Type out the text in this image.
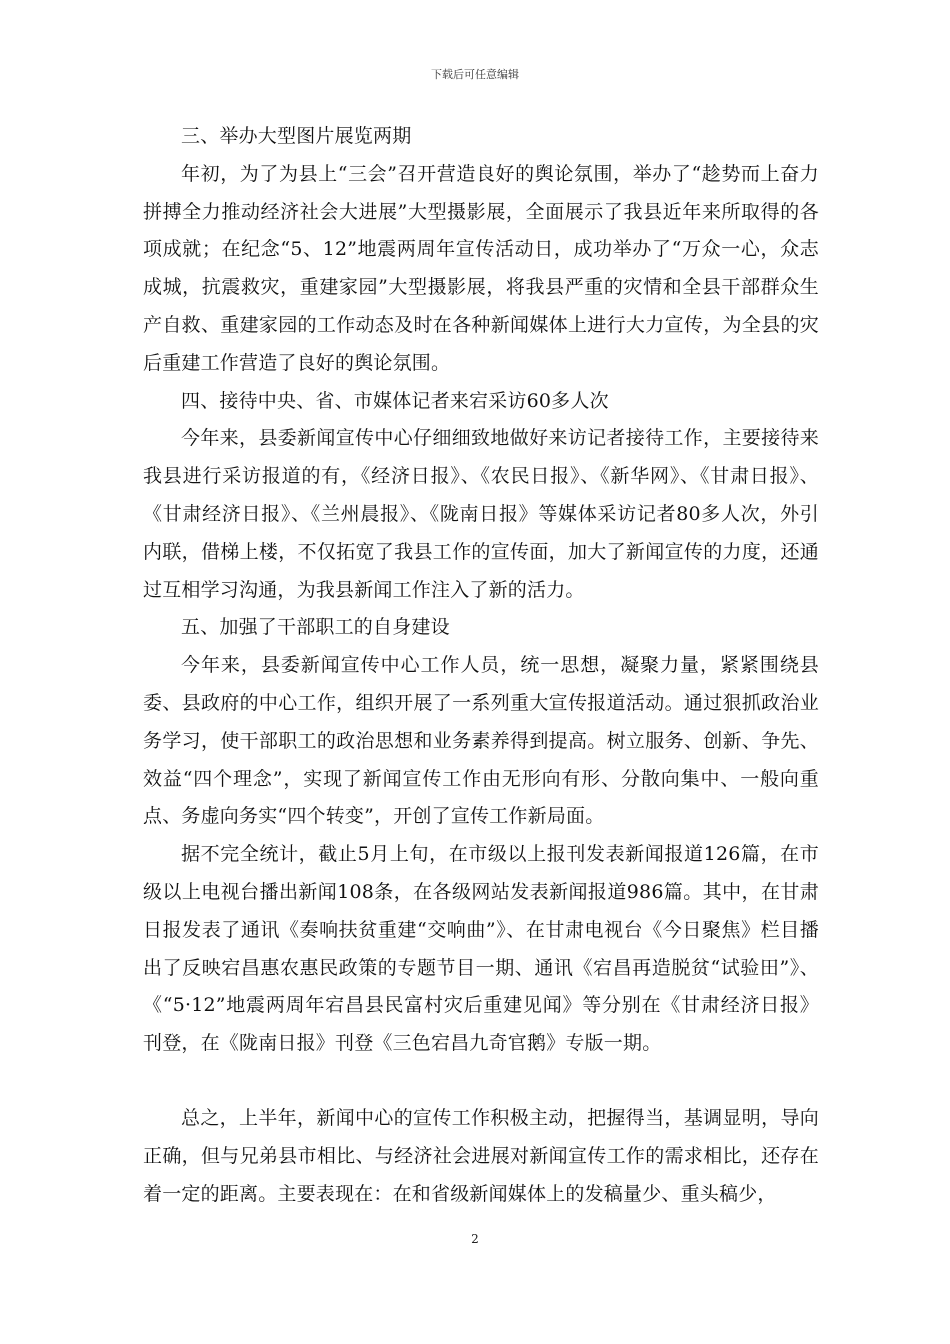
下载后可任意编辑

三、举办大型图片展览两期

年初，为了为县上“三会”召开营造良好的舆论氛围，举办了“趁势而上奋力拼搏全力推动经济社会大进展”大型摄影展，全面展示了我县近年来所取得的各项成就；在纪念“5、12”地震两周年宣传活动日，成功举办了“万众一心，众志成城，抗震救灾，重建家园”大型摄影展，将我县严重的灾情和全县干部群众生产自救、重建家园的工作动态及时在各种新闻媒体上进行大力宣传，为全县的灾后重建工作营造了良好的舆论氛围。

四、接待中央、省、市媒体记者来宕采访60多人次

今年来，县委新闻宣传中心仔细细致地做好来访记者接待工作，主要接待来我县进行采访报道的有，《经济日报》、《农民日报》、《新华网》、《甘肃日报》、《甘肃经济日报》、《兰州晨报》、《陇南日报》等媒体采访记者80多人次，外引内联，借梯上楼，不仅拓宽了我县工作的宣传面，加大了新闻宣传的力度，还通过互相学习沟通，为我县新闻工作注入了新的活力。

五、加强了干部职工的自身建设

今年来，县委新闻宣传中心工作人员，统一思想，凝聚力量，紧紧围绕县委、县政府的中心工作，组织开展了一系列重大宣传报道活动。通过狠抓政治业务学习，使干部职工的政治思想和业务素养得到提高。树立服务、创新、争先、效益“四个理念”，实现了新闻宣传工作由无形向有形、分散向集中、一般向重点、务虚向务实“四个转变”，开创了宣传工作新局面。

据不完全统计，截止5月上旬，在市级以上报刊发表新闻报道126篇，在市级以上电视台播出新闻108条，在各级网站发表新闻报道986篇。其中，在甘肃日报发表了通讯《奏响扶贫重建“交响曲”》、在甘肃电视台《今日聚焦》栏目播出了反映宕昌惠农惠民政策的专题节目一期、通讯《宕昌再造脱贫“试验田”》、《“5·12”地震两周年宕昌县民富村灾后重建见闻》等分别在《甘肃经济日报》刊登，在《陇南日报》刊登《三色宕昌九奇官鹅》专版一期。

总之，上半年，新闻中心的宣传工作积极主动，把握得当，基调显明，导向正确，但与兄弟县市相比、与经济社会进展对新闻宣传工作的需求相比，还存在着一定的距离。主要表现在：在和省级新闻媒体上的发稿量少、重头稿少，

2
